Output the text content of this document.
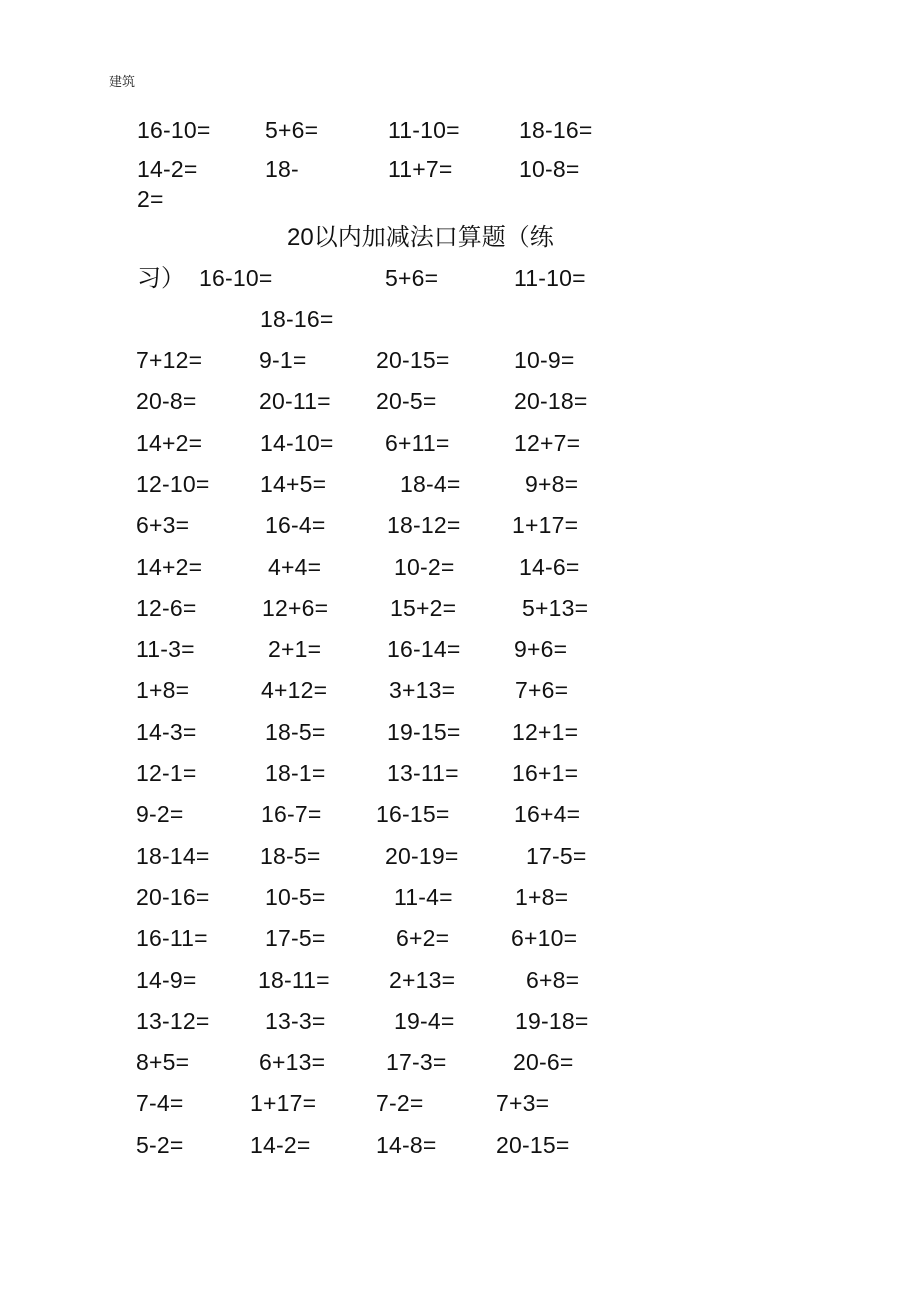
建筑
16-10= 5+6=	11-10=	18-16=
14-2=	18-	11+7=	10-8=
2=
20以内加减法口算题（练
习） 16-10=	5+6=	11-10=
18-16=
7+12= 9-1=	20-15=	10-9=
20-8=	20-11= 20-5=	20-18=
14+2=	14-10= 6+11=	12+7=
12-10= 14+5=	18-4=	9+8=
6+3=	16-4=	18-12= 1+17=
14+2=	4+4=	10-2=	14-6=
12-6=	12+6=	15+2=	5+13=
11-3=	2+1=	16-14= 9+6=
1+8=	4+12=	3+13=	7+6=
14-3=	18-5=	19-15= 12+1=
12-1=	18-1=	13-11= 16+1=
9-2=	16-7= 16-15=	16+4=
18-14= 18-5=	20-19=	17-5=
20-16= 10-5=	11-4=	1+8=
16-11= 17-5=	6+2=	6+10=
14-9=	18-11=	2+13=	6+8=
13-12= 13-3=	19-4=	19-18=
8+5=	6+13=	17-3=	20-6=
7-4=	1+17=	7-2=	7+3=
5-2=	14-2=	14-8=	20-15=
